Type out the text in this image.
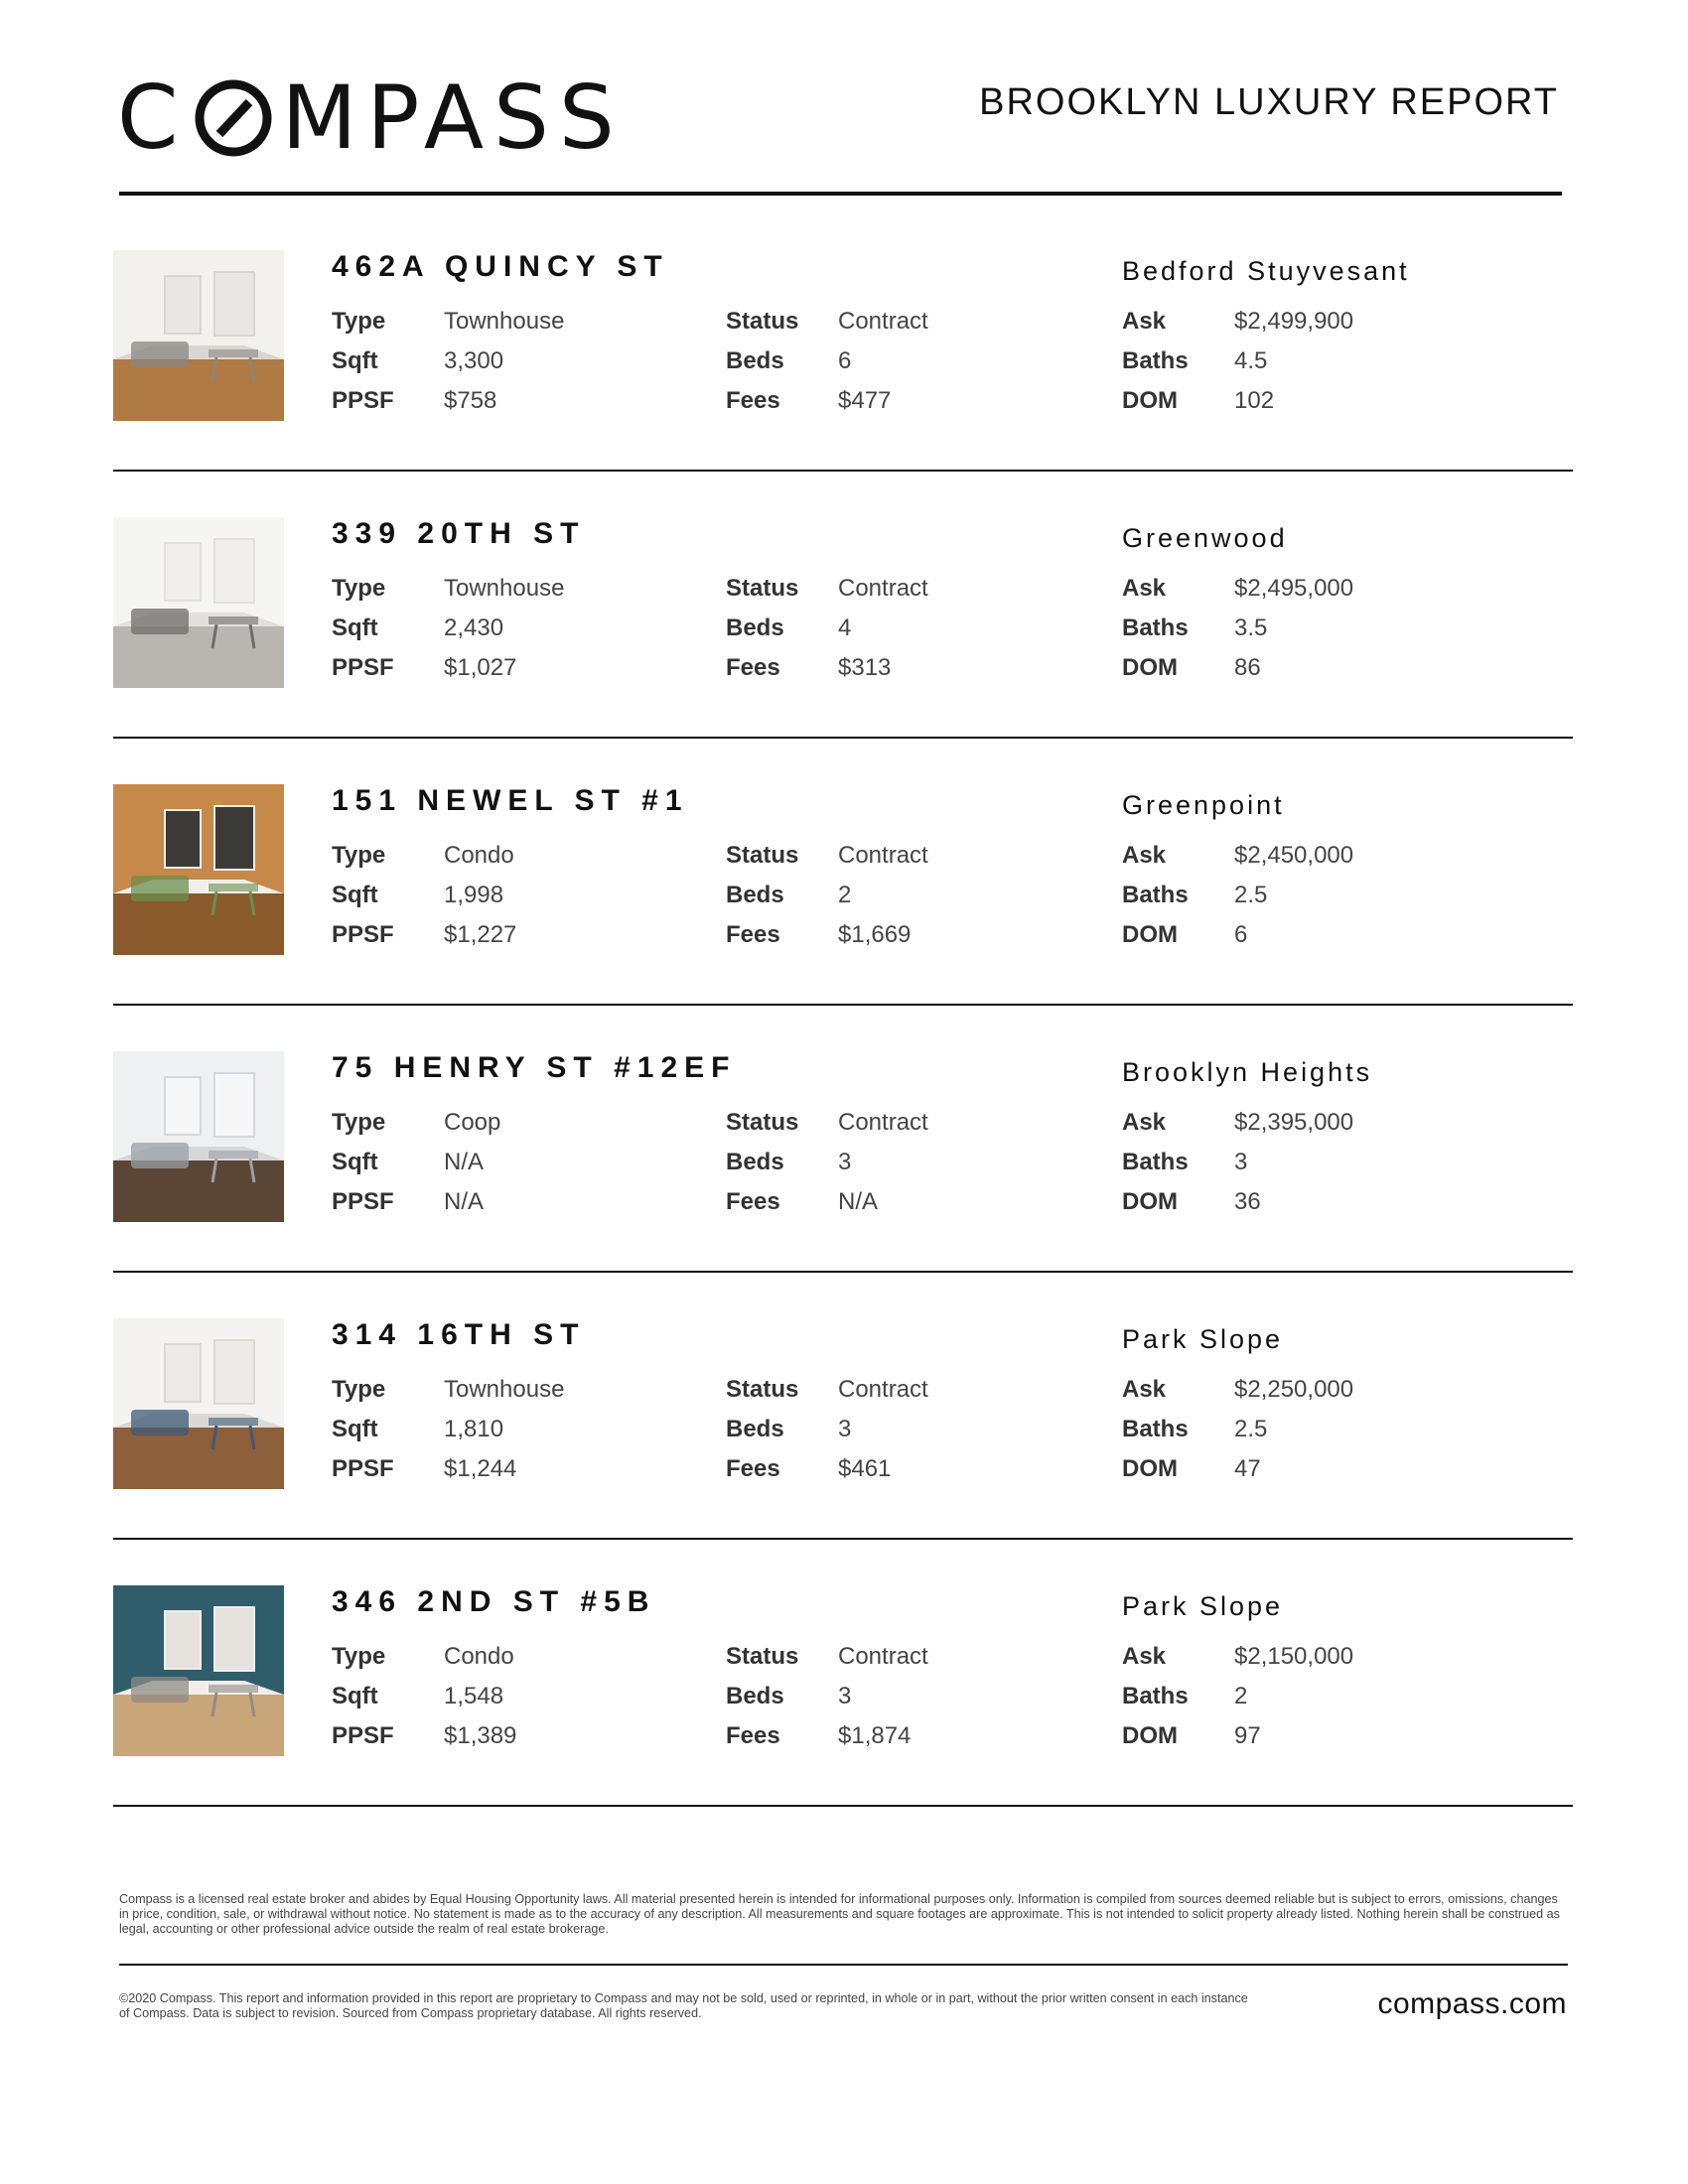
C MPASS	BROOKLYN LUXURY REPORT
462A QUINCY ST	Bedford Stuyvesant
Type	Townhouse
Sqft	3,300
PPSF	$758
Status	Contract
Beds	6
Fees	$477
Ask	$2,499,900
Baths	4.5
DOM	102
339 20TH ST	Greenwood
Type	Townhouse
Sqft	2,430
PPSF	$1,027
Status	Contract
Beds	4
Fees	$313
Ask	$2,495,000
Baths	3.5
DOM	86
151 NEWEL ST #1	Greenpoint
Type	Condo
Sqft	1,998
PPSF	$1,227
Status	Contract
Beds	2
Fees	$1,669
Ask	$2,450,000
Baths	2.5
DOM	6
75 HENRY ST #12EF	Brooklyn Heights
Type	Coop
Sqft	N/A
PPSF	N/A
Status	Contract
Beds	3
Fees	N/A
Ask	$2,395,000
Baths	3
DOM	36
314 16TH ST	Park Slope
Type	Townhouse
Sqft	1,810
PPSF	$1,244
Status	Contract
Beds	3
Fees	$461
Ask	$2,250,000
Baths	2.5
DOM	47
346 2ND ST #5B	Park Slope
Type	Condo
Sqft	1,548
PPSF	$1,389
Status	Contract
Beds	3
Fees	$1,874
Ask	$2,150,000
Baths	2
DOM	97
Compass is a licensed real estate broker and abides by Equal Housing Opportunity laws. All material presented herein is intended for informational purposes only. Information is compiled from sources deemed reliable but is subject to errors, omissions, changes in price, condition, sale, or withdrawal without notice. No statement is made as to the accuracy of any description. All measurements and square footages are approximate. This is not intended to solicit property already listed. Nothing herein shall be construed as legal, accounting or other professional advice outside the realm of real estate brokerage.
©2020 Compass. This report and information provided in this report are proprietary to Compass and may not be sold, used or reprinted, in whole or in part, without the prior written consent in each instance of Compass. Data is subject to revision. Sourced from Compass proprietary database. All rights reserved.	compass.com
